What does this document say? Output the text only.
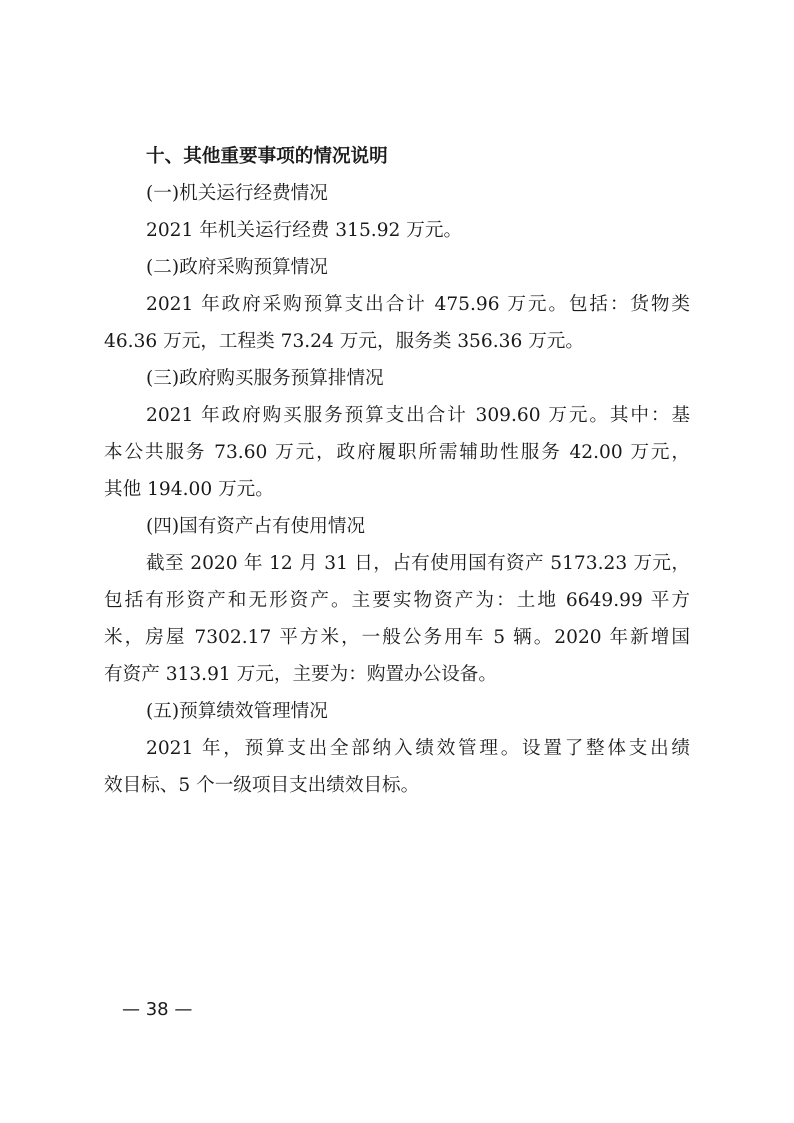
十、其他重要事项的情况说明

(一)机关运行经费情况

2021 年机关运行经费 315.92 万元。

(二)政府采购预算情况

2021 年政府采购预算支出合计 475.96 万元。包括：货物类

46.36 万元，工程类 73.24 万元，服务类 356.36 万元。

(三)政府购买服务预算排情况

2021 年政府购买服务预算支出合计 309.60 万元。其中：基

本公共服务 73.60 万元，政府履职所需辅助性服务 42.00 万元，

其他 194.00 万元。

(四)国有资产占有使用情况

截至 2020 年 12 月 31 日，占有使用国有资产 5173.23 万元，

包括有形资产和无形资产。主要实物资产为：土地 6649.99 平方

米，房屋 7302.17 平方米，一般公务用车 5 辆。2020 年新增国

有资产 313.91 万元，主要为：购置办公设备。

(五)预算绩效管理情况

2021 年，预算支出全部纳入绩效管理。设置了整体支出绩

效目标、5 个一级项目支出绩效目标。

— 38 —
